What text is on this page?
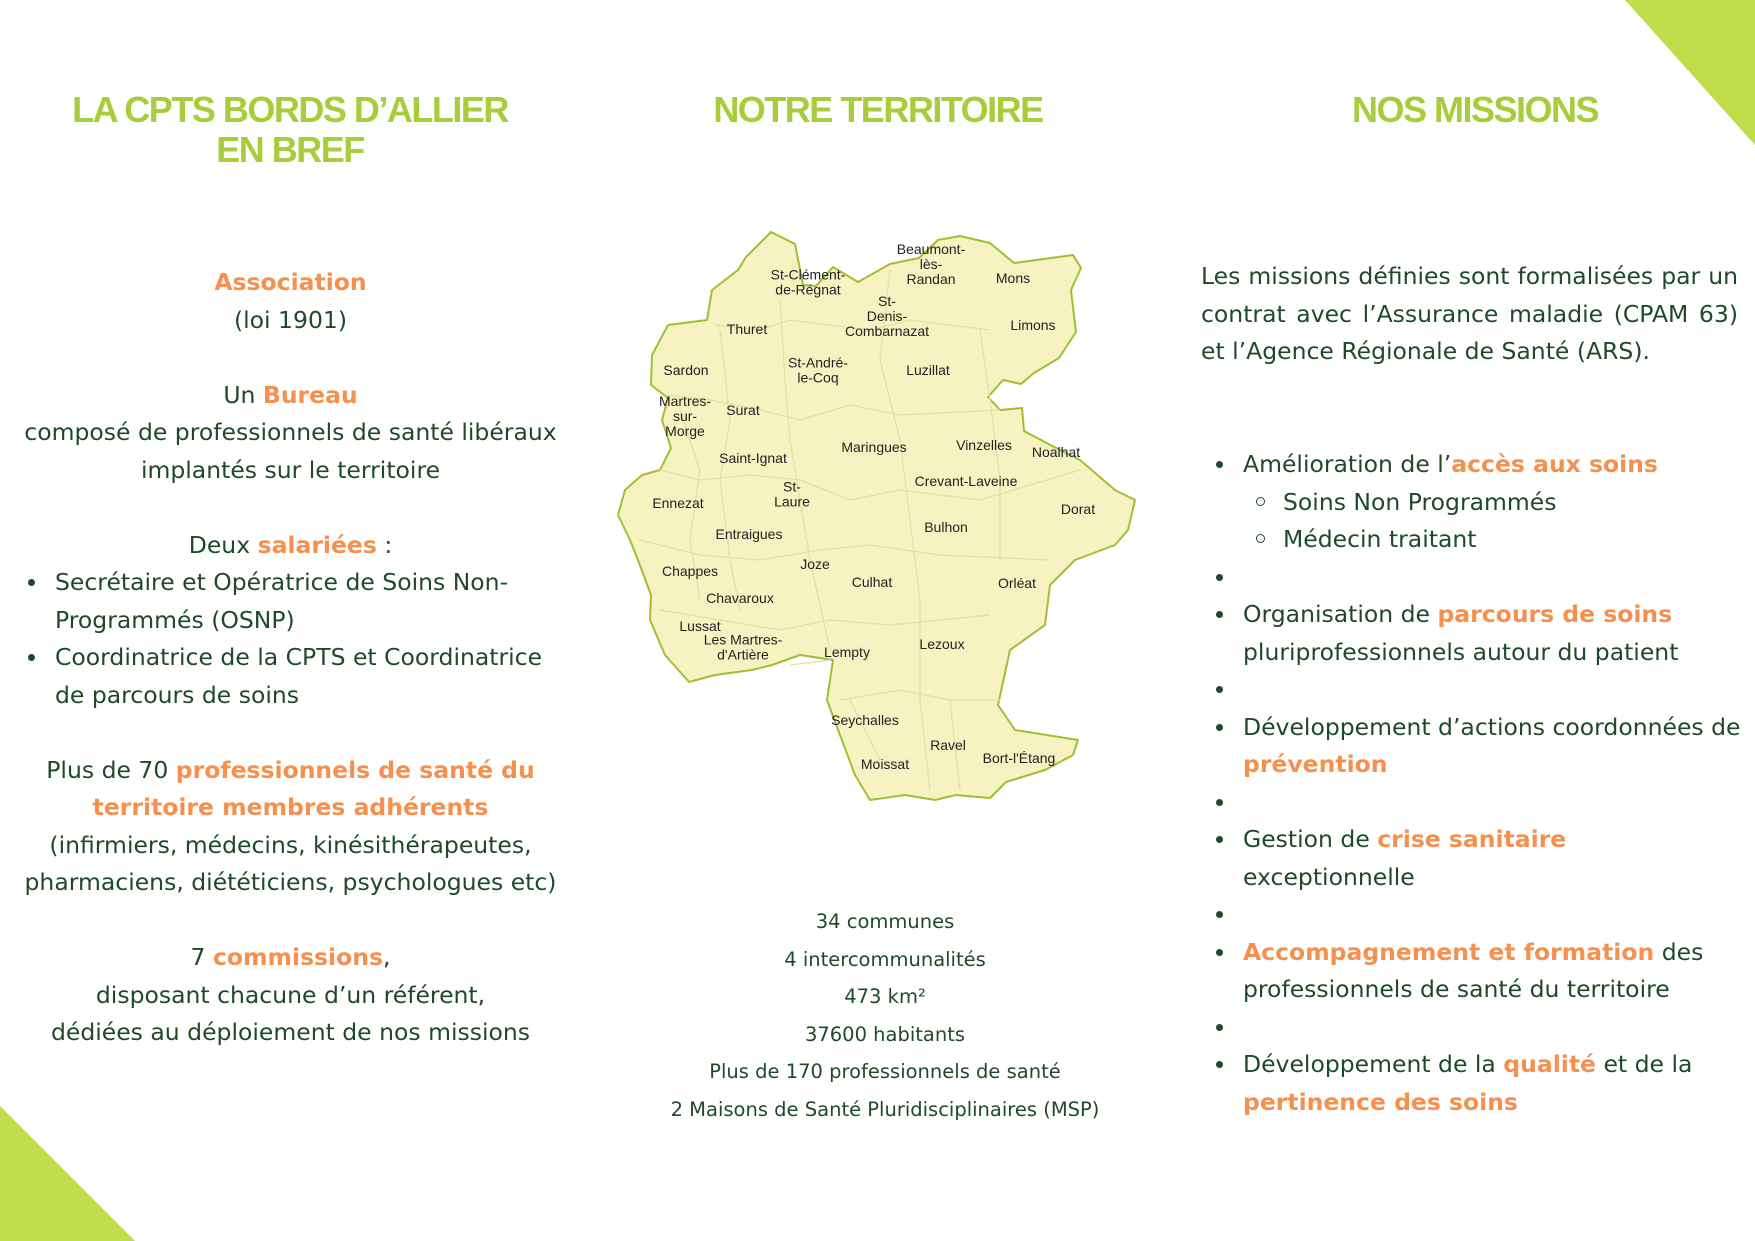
LA CPTS BORDS D’ALLIER
EN BREF
Association
(loi 1901)
Un Bureau
composé de professionnels de santé libéraux
implantés sur le territoire
Deux salariées :
Secrétaire et Opératrice de Soins Non-Programmés (OSNP)
Coordinatrice de la CPTS et Coordinatrice de parcours de soins
Plus de 70 professionnels de santé du
territoire membres adhérents
(infirmiers, médecins, kinésithérapeutes,
pharmaciens, diététiciens, psychologues etc)
7 commissions,
disposant chacune d’un référent,
dédiées au déploiement de nos missions
NOTRE TERRITOIRE
St-Clément-de-Régnat
Beaumont-lès-Randan	Mons
Thuret
St-Denis-Combarnazat	Limons
Sardon	St-André-le-Coq	Luzillat
Martres-sur-Morge
Surat
Saint-Ignat
Maringues	Vinzelles Noalhat
Ennezat
St-Laure
Crevant-Laveine
Dorat
Entraigues	Bulhon
Joze
Chappes
Culhat	Orléat
Chavaroux
Lussat
Les Martres-d'Artière	Lempty	Lezoux
Seychalles
Ravel
Moissat	Bort-l'Étang
34 communes
4 intercommunalités
473 km²
37600 habitants
Plus de 170 professionnels de santé
2 Maisons de Santé Pluridisciplinaires (MSP)
NOS MISSIONS
Les missions définies sont formalisées par un contrat avec l’Assurance maladie (CPAM 63) et l’Agence Régionale de Santé (ARS).
Amélioration de l’accès aux soins
Soins Non Programmés
Médecin traitant
Organisation de parcours de soins
pluriprofessionnels autour du patient
Développement d’actions coordonnées de
prévention
Gestion de crise sanitaire exceptionnelle
Accompagnement et formation des professionnels de santé du territoire
Développement de la qualité et de la
pertinence des soins
